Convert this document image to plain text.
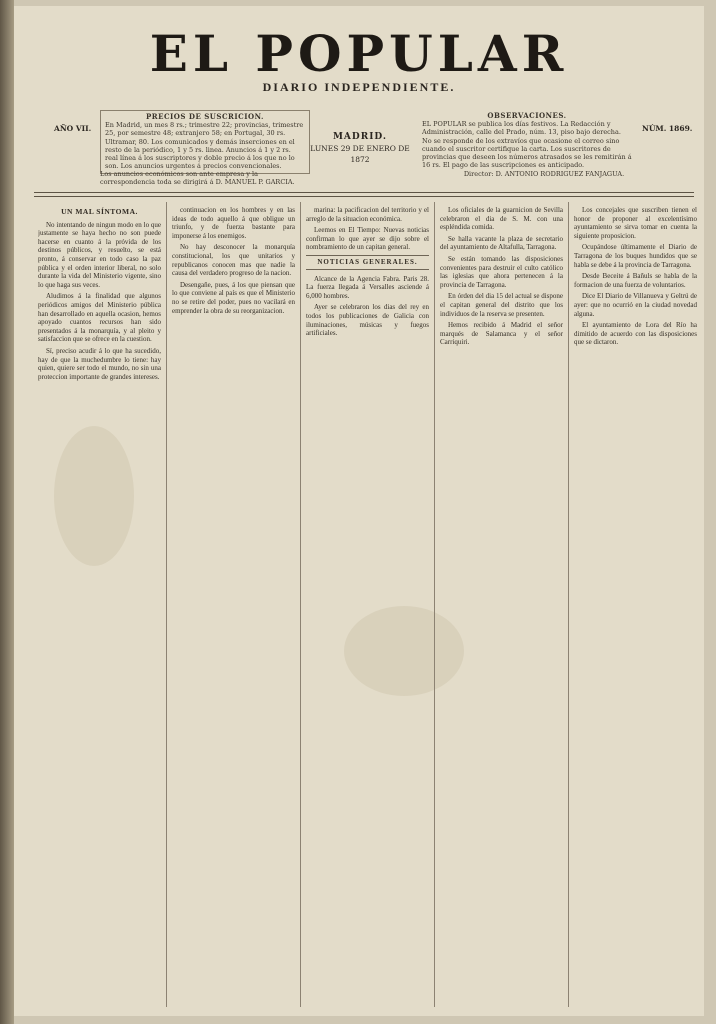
EL POPULAR
DIARIO INDEPENDIENTE.
AÑO VII.	NÚM. 1869.
PRECIOS DE SUSCRICION.
En Madrid, un mes 8 rs.; trimestre 22; provincias, trimestre 25, por semestre 48; extranjero 58; en Portugal, 30 rs. Ultramar, 80. Los comunicados y demás inserciones en el resto de la periódico, 1 y 5 rs. linea. Anuncios á 1 y 2 rs. real línea á los suscriptores y doble precio á los que no lo son. Los anuncios urgentes á precios convencionales.
Los anuncios económicos son ante empresa y la correspondencia toda se dirigirá á D. MANUEL P. GARCIA.
MADRID.
LUNES 29 DE ENERO DE 1872
OBSERVACIONES.
EL POPULAR se publica los días festivos. La Redacción y Administración, calle del Prado, núm. 13, piso bajo derecha. No se responde de los extravíos que ocasione el correo sino cuando el suscritor certifique la carta. Los suscritores de provincias que deseen los números atrasados se les remitirán á 16 rs. El pago de las suscripciones es anticipado.
Director: D. ANTONIO RODRIGUEZ FANJAGUA.
UN MAL SÍNTOMA.

No intentando de ningun modo en lo que justamente se haya hecho no son puede hacerse en cuanto á la próvida de los destinos públicos, y resuelto, se está pronto, á conservar en todo caso la paz pública y el orden interior liberal, no solo durante la vida del Ministerio vigente, sino lo que haga sus veces.

Aludimos á la finalidad que algunos periódicos amigos del Ministerio pública han desarrollado en aquella ocasion, hemos apoyado cuantos recursos han sido presentados á la monarquía, y al pleito y satisfaccion que se ofrece en la cuestion.

Sí, preciso acudir á lo que ha sucedido, hay de que la muchedumbre lo tiene: hay quien, quiere ser todo el mundo, no sin una proteccion importante de grandes intereses.

continuacion en los hombres y en las ideas de todo aquello á que obligue un triunfo, y de fuerza bastante para imponerse á los enemigos.

No hay desconocer la monarquía constitucional, los que unitarios y republicanos conocen mas que nadie la causa del verdadero progreso de la nacion.

Desengañe, pues, á los que piensan que lo que conviene al país es que el Ministerio no se retire del poder, pues no vacilará en emprender la obra de su reorganizacion.

marina: la pacificacion del territorio y el arreglo de la situacion económica.

Leemos en El Tiempo: Nuevas noticias confirman lo que ayer se dijo sobre el nombramiento de un capitan general.

NOTICIAS GENERALES.

Alcance de la Agencia Fabra. Paris 28. La fuerza llegada á Versalles asciende á 6,000 hombres.

Ayer se celebraron los dias del rey en todos los publicaciones de Galicia con iluminaciones, músicas y fuegos artificiales.

Los oficiales de la guarnicion de Sevilla celebraron el dia de S. M. con una espléndida comida.

Se halla vacante la plaza de secretario del ayuntamiento de Altafulla, Tarragona.

Se están tomando las disposiciones convenientes para destruir el culto católico las iglesias que ahora pertenecen á la provincia de Tarragona.

En órden del dia 15 del actual se dispone el capitan general del distrito que los individuos de la reserva se presenten.

Hemos recibido á Madrid el señor marqués de Salamanca y el señor Carriquiri.

Los concejales que suscriben tienen el honor de proponer al excelentísimo ayuntamiento se sirva tomar en cuenta la siguiente proposicion.

Ocupándose últimamente el Diario de Tarragona de los buques hundidos que se habla se debe á la provincia de Tarragona.

Desde Beceite á Bañuls se habla de la formacion de una fuerza de voluntarios.

Dice El Diario de Villanueva y Geltrú de ayer: que no ocurrió en la ciudad novedad alguna.

El ayuntamiento de Lora del Río ha dimitido de acuerdo con las disposiciones que se dictaron.
